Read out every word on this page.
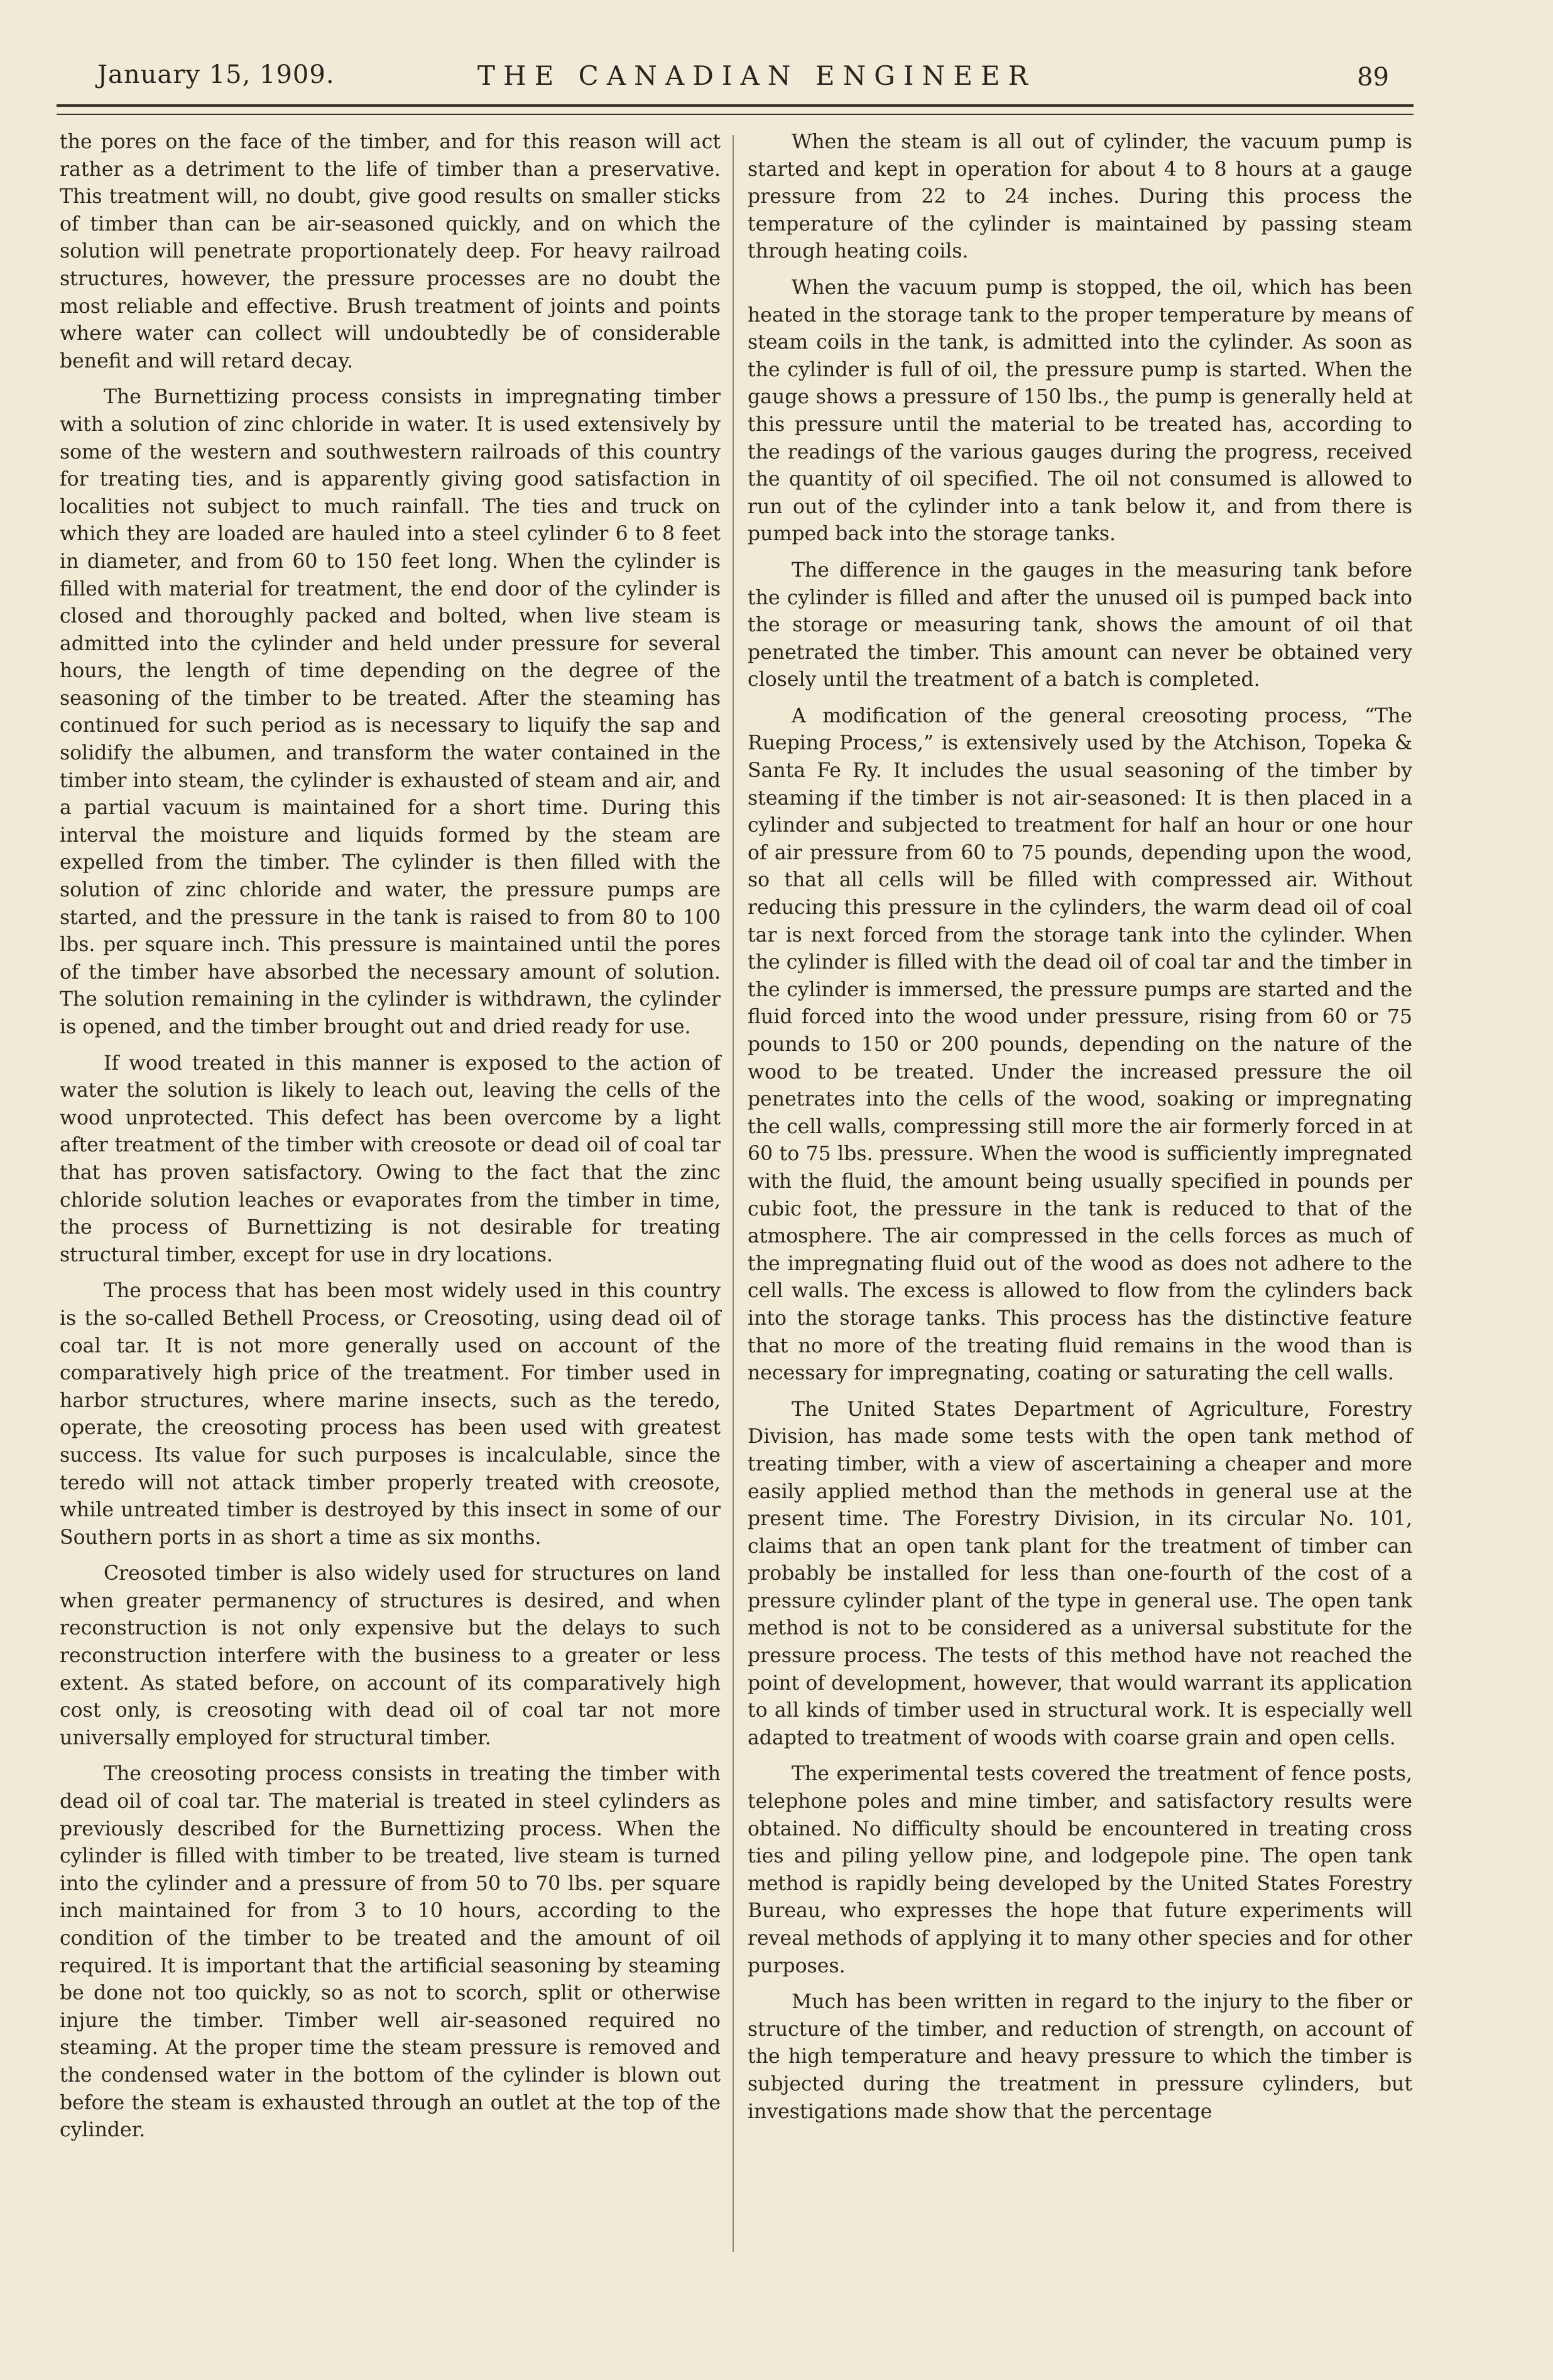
January 15, 1909.	THE CANADIAN ENGINEER	89

the pores on the face of the timber, and for this reason will act rather as a detriment to the life of timber than a preservative. This treatment will, no doubt, give good results on smaller sticks of timber than can be air-seasoned quickly, and on which the solution will penetrate proportionately deep. For heavy railroad structures, however, the pressure processes are no doubt the most reliable and effective. Brush treatment of joints and points where water can collect will undoubtedly be of considerable benefit and will retard decay.

The Burnettizing process consists in impregnating timber with a solution of zinc chloride in water. It is used extensively by some of the western and southwestern railroads of this country for treating ties, and is apparently giving good satisfaction in localities not subject to much rainfall. The ties and truck on which they are loaded are hauled into a steel cylinder 6 to 8 feet in diameter, and from 60 to 150 feet long. When the cylinder is filled with material for treatment, the end door of the cylinder is closed and thoroughly packed and bolted, when live steam is admitted into the cylinder and held under pressure for several hours, the length of time depending on the degree of the seasoning of the timber to be treated. After the steaming has continued for such period as is necessary to liquify the sap and solidify the albumen, and transform the water contained in the timber into steam, the cylinder is exhausted of steam and air, and a partial vacuum is maintained for a short time. During this interval the moisture and liquids formed by the steam are expelled from the timber. The cylinder is then filled with the solution of zinc chloride and water, the pressure pumps are started, and the pressure in the tank is raised to from 80 to 100 lbs. per square inch. This pressure is maintained until the pores of the timber have absorbed the necessary amount of solution. The solution remaining in the cylinder is withdrawn, the cylinder is opened, and the timber brought out and dried ready for use.

If wood treated in this manner is exposed to the action of water the solution is likely to leach out, leaving the cells of the wood unprotected. This defect has been overcome by a light after treatment of the timber with creosote or dead oil of coal tar that has proven satisfactory. Owing to the fact that the zinc chloride solution leaches or evaporates from the timber in time, the process of Burnettizing is not desirable for treating structural timber, except for use in dry locations.

The process that has been most widely used in this country is the so-called Bethell Process, or Creosoting, using dead oil of coal tar. It is not more generally used on account of the comparatively high price of the treatment. For timber used in harbor structures, where marine insects, such as the teredo, operate, the creosoting process has been used with greatest success. Its value for such purposes is incalculable, since the teredo will not attack timber properly treated with creosote, while untreated timber is destroyed by this insect in some of our Southern ports in as short a time as six months.

Creosoted timber is also widely used for structures on land when greater permanency of structures is desired, and when reconstruction is not only expensive but the delays to such reconstruction interfere with the business to a greater or less extent. As stated before, on account of its comparatively high cost only, is creosoting with dead oil of coal tar not more universally employed for structural timber.

The creosoting process consists in treating the timber with dead oil of coal tar. The material is treated in steel cylinders as previously described for the Burnettizing process. When the cylinder is filled with timber to be treated, live steam is turned into the cylinder and a pressure of from 50 to 70 lbs. per square inch maintained for from 3 to 10 hours, according to the condition of the timber to be treated and the amount of oil required. It is important that the artificial seasoning by steaming be done not too quickly, so as not to scorch, split or otherwise injure the timber. Timber well air-seasoned required no steaming. At the proper time the steam pressure is removed and the condensed water in the bottom of the cylinder is blown out before the steam is exhausted through an outlet at the top of the cylinder.

When the steam is all out of cylinder, the vacuum pump is started and kept in operation for about 4 to 8 hours at a gauge pressure from 22 to 24 inches. During this process the temperature of the cylinder is maintained by passing steam through heating coils.

When the vacuum pump is stopped, the oil, which has been heated in the storage tank to the proper temperature by means of steam coils in the tank, is admitted into the cylinder. As soon as the cylinder is full of oil, the pressure pump is started. When the gauge shows a pressure of 150 lbs., the pump is generally held at this pressure until the material to be treated has, according to the readings of the various gauges during the progress, received the quantity of oil specified. The oil not consumed is allowed to run out of the cylinder into a tank below it, and from there is pumped back into the storage tanks.

The difference in the gauges in the measuring tank before the cylinder is filled and after the unused oil is pumped back into the storage or measuring tank, shows the amount of oil that penetrated the timber. This amount can never be obtained very closely until the treatment of a batch is completed.

A modification of the general creosoting process, “The Rueping Process,” is extensively used by the Atchison, Topeka & Santa Fe Ry. It includes the usual seasoning of the timber by steaming if the timber is not air-seasoned: It is then placed in a cylinder and subjected to treatment for half an hour or one hour of air pressure from 60 to 75 pounds, depending upon the wood, so that all cells will be filled with compressed air. Without reducing this pressure in the cylinders, the warm dead oil of coal tar is next forced from the storage tank into the cylinder. When the cylinder is filled with the dead oil of coal tar and the timber in the cylinder is immersed, the pressure pumps are started and the fluid forced into the wood under pressure, rising from 60 or 75 pounds to 150 or 200 pounds, depending on the nature of the wood to be treated. Under the increased pressure the oil penetrates into the cells of the wood, soaking or impregnating the cell walls, compressing still more the air formerly forced in at 60 to 75 lbs. pressure. When the wood is sufficiently impregnated with the fluid, the amount being usually specified in pounds per cubic foot, the pressure in the tank is reduced to that of the atmosphere. The air compressed in the cells forces as much of the impregnating fluid out of the wood as does not adhere to the cell walls. The excess is allowed to flow from the cylinders back into the storage tanks. This process has the distinctive feature that no more of the treating fluid remains in the wood than is necessary for impregnating, coating or saturating the cell walls.

The United States Department of Agriculture, Forestry Division, has made some tests with the open tank method of treating timber, with a view of ascertaining a cheaper and more easily applied method than the methods in general use at the present time. The Forestry Division, in its circular No. 101, claims that an open tank plant for the treatment of timber can probably be installed for less than one-fourth of the cost of a pressure cylinder plant of the type in general use. The open tank method is not to be considered as a universal substitute for the pressure process. The tests of this method have not reached the point of development, however, that would warrant its application to all kinds of timber used in structural work. It is especially well adapted to treatment of woods with coarse grain and open cells.

The experimental tests covered the treatment of fence posts, telephone poles and mine timber, and satisfactory results were obtained. No difficulty should be encountered in treating cross ties and piling yellow pine, and lodgepole pine. The open tank method is rapidly being developed by the United States Forestry Bureau, who expresses the hope that future experiments will reveal methods of applying it to many other species and for other purposes.

Much has been written in regard to the injury to the fiber or structure of the timber, and reduction of strength, on account of the high temperature and heavy pressure to which the timber is subjected during the treatment in pressure cylinders, but investigations made show that the percentage
